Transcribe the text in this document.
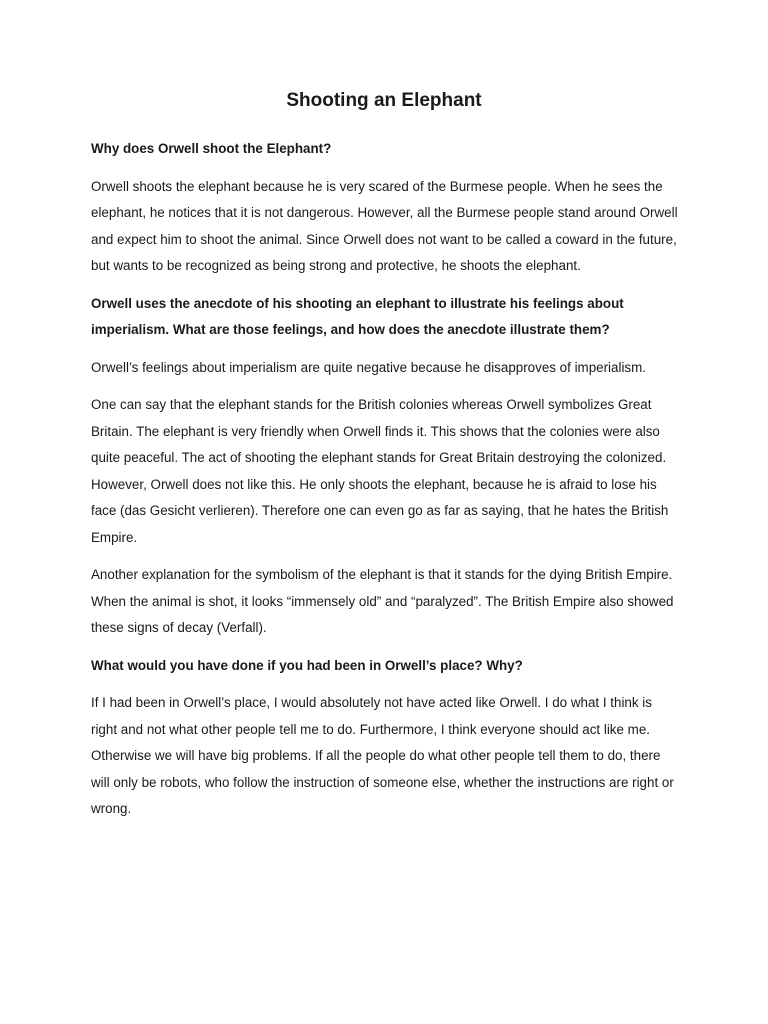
Shooting an Elephant

Why does Orwell shoot the Elephant?

Orwell shoots the elephant because he is very scared of the Burmese people. When he sees the elephant, he notices that it is not dangerous. However, all the Burmese people stand around Orwell and expect him to shoot the animal. Since Orwell does not want to be called a coward in the future, but wants to be recognized as being strong and protective, he shoots the elephant.

Orwell uses the anecdote of his shooting an elephant to illustrate his feelings about imperialism. What are those feelings, and how does the anecdote illustrate them?

Orwell’s feelings about imperialism are quite negative because he disapproves of imperialism.

One can say that the elephant stands for the British colonies whereas Orwell symbolizes Great Britain. The elephant is very friendly when Orwell finds it. This shows that the colonies were also quite peaceful. The act of shooting the elephant stands for Great Britain destroying the colonized. However, Orwell does not like this. He only shoots the elephant, because he is afraid to lose his face (das Gesicht verlieren). Therefore one can even go as far as saying, that he hates the British Empire.

Another explanation for the symbolism of the elephant is that it stands for the dying British Empire. When the animal is shot, it looks “immensely old” and “paralyzed”. The British Empire also showed these signs of decay (Verfall).

What would you have done if you had been in Orwell’s place? Why?

If I had been in Orwell’s place, I would absolutely not have acted like Orwell. I do what I think is right and not what other people tell me to do. Furthermore, I think everyone should act like me. Otherwise we will have big problems. If all the people do what other people tell them to do, there will only be robots, who follow the instruction of someone else, whether the instructions are right or wrong.
